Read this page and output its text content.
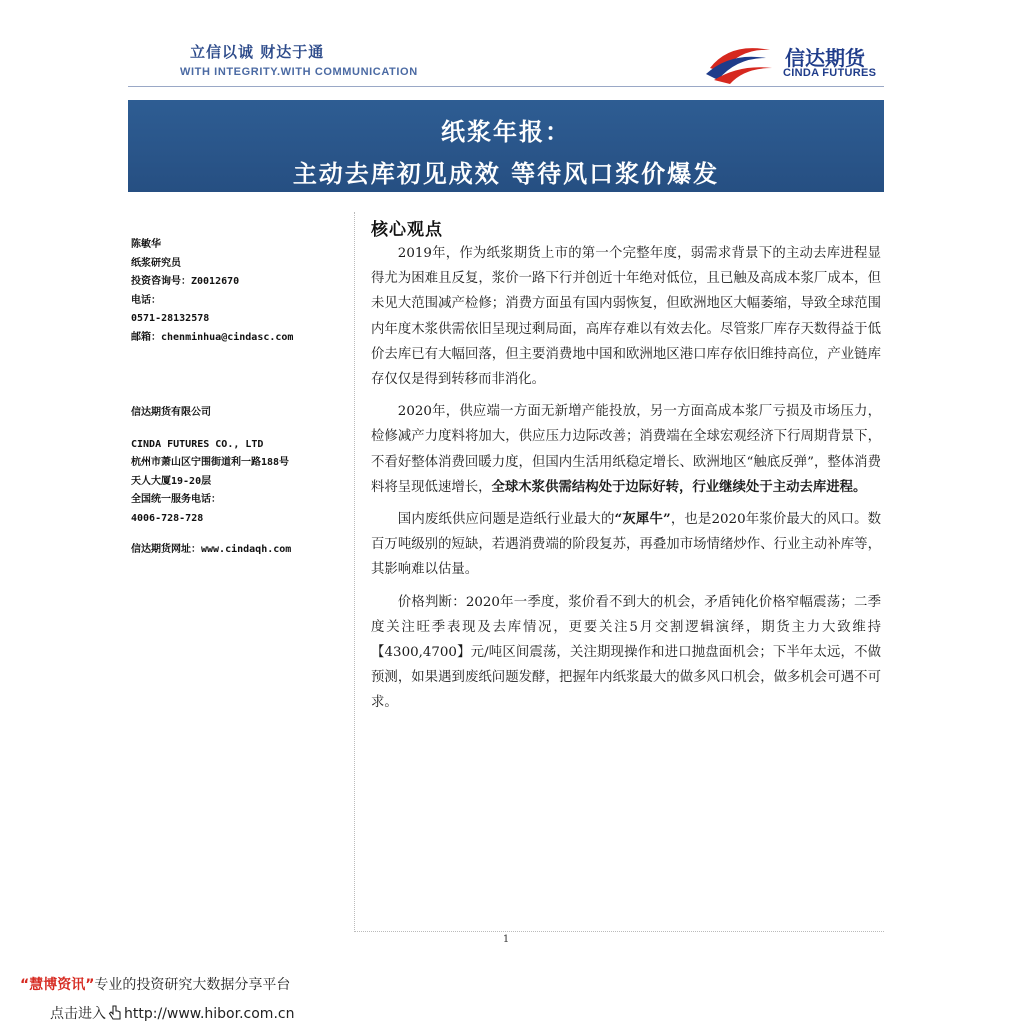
立信以诚 财达于通
WITH INTEGRITY.WITH COMMUNICATION
信达期货
CINDA FUTURES
纸浆年报：
主动去库初见成效 等待风口浆价爆发
陈敏华
纸浆研究员
投资咨询号：Z0012670
电话：
0571-28132578
邮箱：chenminhua@cindasc.com
信达期货有限公司
CINDA FUTURES CO., LTD
杭州市萧山区宁围街道利一路188号
天人大厦19-20层
全国统一服务电话：
4006-728-728
信达期货网址：www.cindaqh.com
核心观点

2019年，作为纸浆期货上市的第一个完整年度，弱需求背景下的主动去库进程显得尤为困难且反复，浆价一路下行并创近十年绝对低位，且已触及高成本浆厂成本，但未见大范围减产检修；消费方面虽有国内弱恢复，但欧洲地区大幅萎缩，导致全球范围内年度木浆供需依旧呈现过剩局面，高库存难以有效去化。尽管浆厂库存天数得益于低价去库已有大幅回落，但主要消费地中国和欧洲地区港口库存依旧维持高位，产业链库存仅仅是得到转移而非消化。

2020年，供应端一方面无新增产能投放，另一方面高成本浆厂亏损及市场压力，检修减产力度料将加大，供应压力边际改善；消费端在全球宏观经济下行周期背景下，不看好整体消费回暖力度，但国内生活用纸稳定增长、欧洲地区“触底反弹”，整体消费料将呈现低速增长，全球木浆供需结构处于边际好转，行业继续处于主动去库进程。

国内废纸供应问题是造纸行业最大的“灰犀牛”，也是2020年浆价最大的风口。数百万吨级别的短缺，若遇消费端的阶段复苏，再叠加市场情绪炒作、行业主动补库等，其影响难以估量。

价格判断：2020年一季度，浆价看不到大的机会，矛盾钝化价格窄幅震荡；二季度关注旺季表现及去库情况，更要关注5月交割逻辑演绎，期货主力大致维持【4300,4700】元/吨区间震荡，关注期现操作和进口抛盘面机会；下半年太远，不做预测，如果遇到废纸问题发酵，把握年内纸浆最大的做多风口机会，做多机会可遇不可求。

1
“慧博资讯”专业的投资研究大数据分享平台
点击进入 http://www.hibor.com.cn
